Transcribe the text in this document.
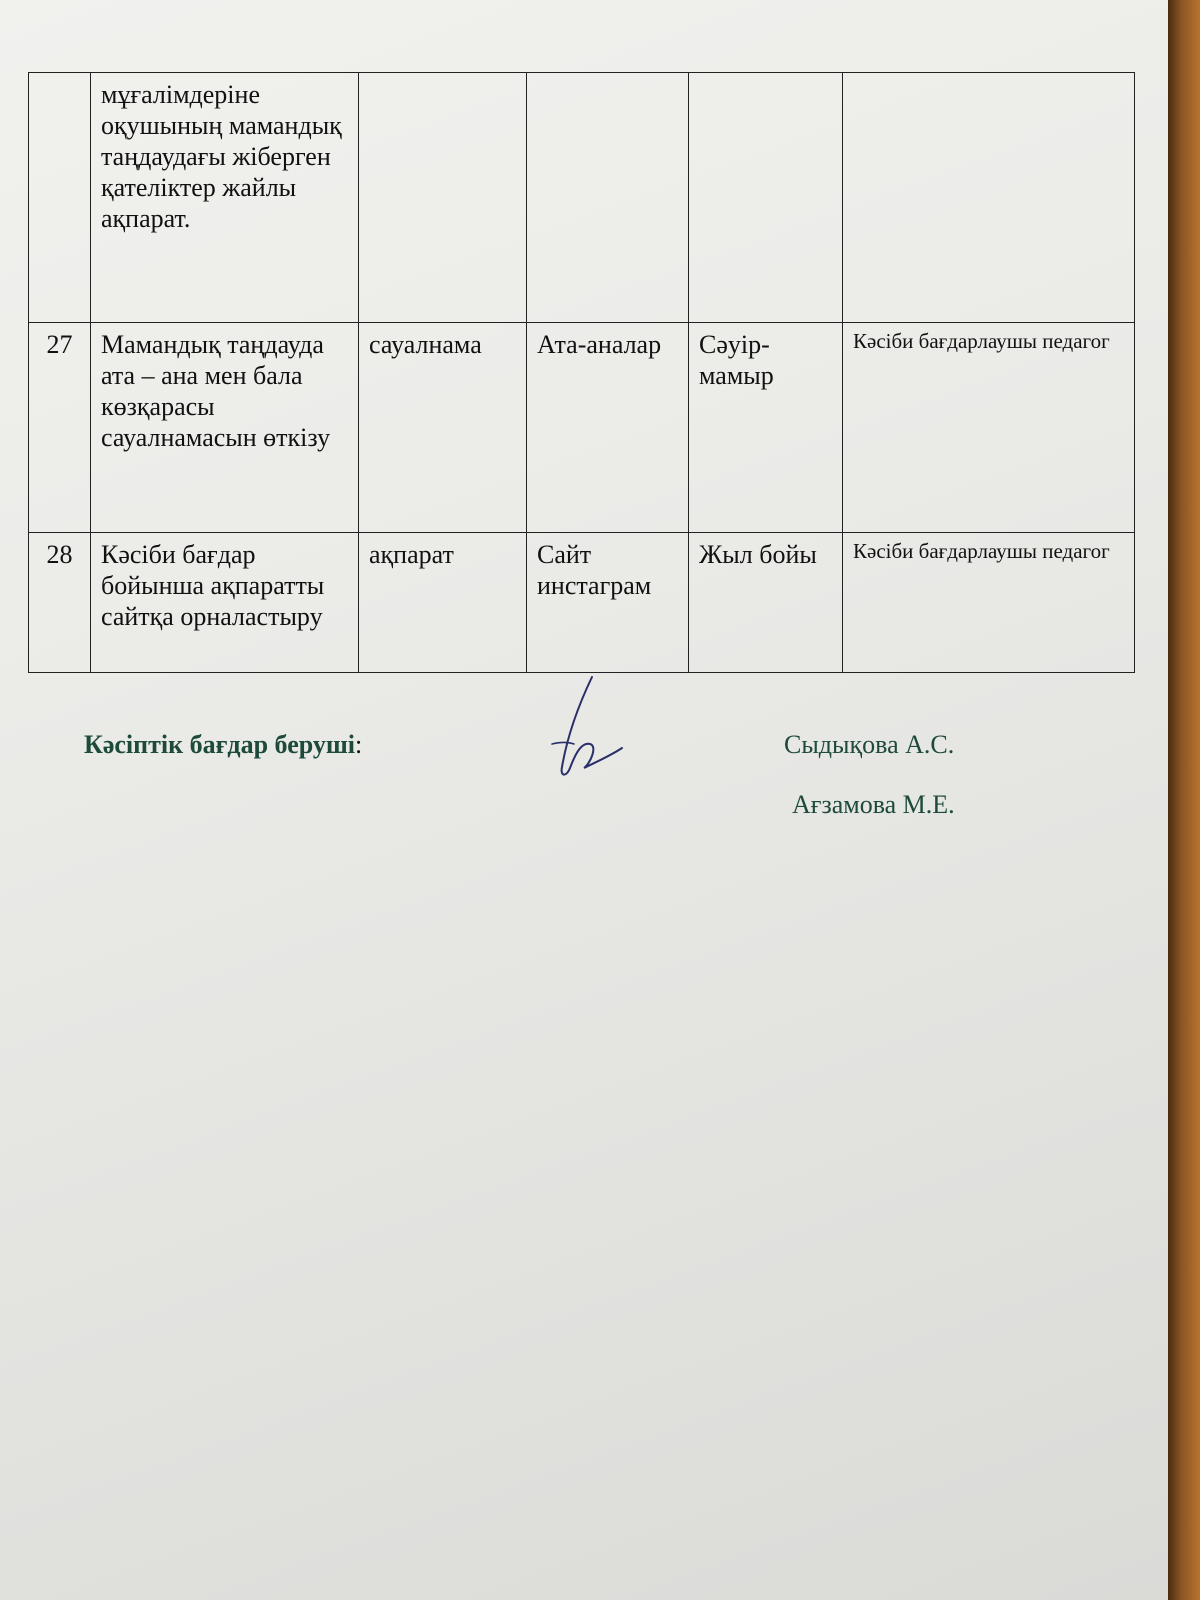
	мұғалімдеріне оқушының мамандық таңдаудағы жіберген қателіктер жайлы ақпарат.				
27	Мамандық таңдауда ата – ана мен бала көзқарасы сауалнамасын өткізу	сауалнама	Ата-аналар	Сәуір-мамыр	Кәсіби бағдарлаушы педагог
28	Кәсіби бағдар бойынша ақпаратты сайтқа орналастыру	ақпарат	Сайт инстаграм	Жыл бойы	Кәсіби бағдарлаушы педагог
Кәсіптік бағдар беруші:	Сыдықова А.С.
Ағзамова М.Е.
